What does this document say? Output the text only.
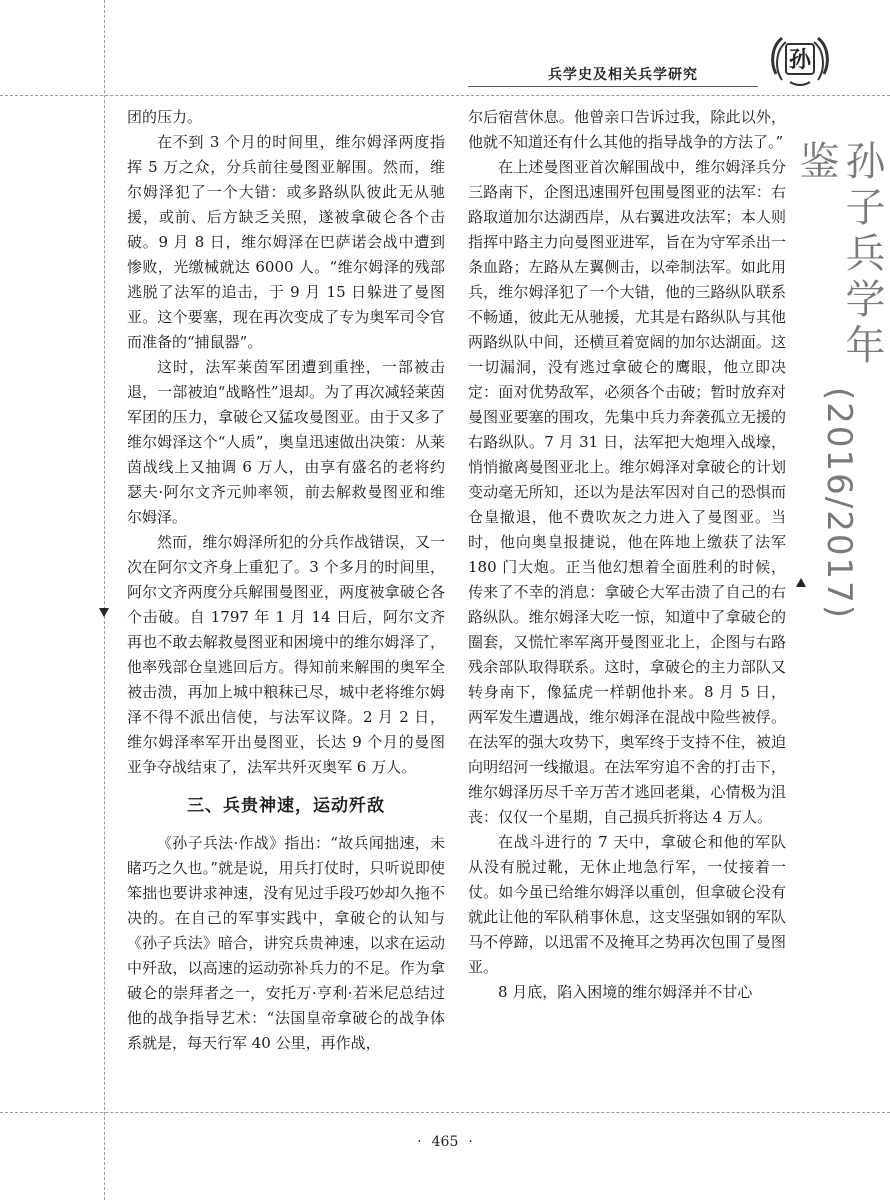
兵学史及相关兵学研究
孙

团的压力。

在不到 3 个月的时间里，维尔姆泽两度指挥 5 万之众，分兵前往曼图亚解围。然而，维尔姆泽犯了一个大错：或多路纵队彼此无从驰援，或前、后方缺乏关照，遂被拿破仑各个击破。9 月 8 日，维尔姆泽在巴萨诺会战中遭到惨败，光缴械就达 6000 人。“维尔姆泽的残部逃脱了法军的追击，于 9 月 15 日躲进了曼图亚。这个要塞，现在再次变成了专为奥军司令官而准备的“捕鼠器”。

这时，法军莱茵军团遭到重挫，一部被击退，一部被迫“战略性”退却。为了再次减轻莱茵军团的压力，拿破仑又猛攻曼图亚。由于又多了维尔姆泽这个“人质”，奥皇迅速做出决策：从莱茵战线上又抽调 6 万人，由享有盛名的老将约瑟夫·阿尔文齐元帅率领，前去解救曼图亚和维尔姆泽。

然而，维尔姆泽所犯的分兵作战错误，又一次在阿尔文齐身上重犯了。3 个多月的时间里，阿尔文齐两度分兵解围曼图亚，两度被拿破仑各个击破。自 1797 年 1 月 14 日后，阿尔文齐再也不敢去解救曼图亚和困境中的维尔姆泽了，他率残部仓皇逃回后方。得知前来解围的奥军全被击溃，再加上城中粮秣已尽，城中老将维尔姆泽不得不派出信使，与法军议降。2 月 2 日，维尔姆泽率军开出曼图亚，长达 9 个月的曼图亚争夺战结束了，法军共歼灭奥军 6 万人。

三、兵贵神速，运动歼敌

《孙子兵法·作战》指出：“故兵闻拙速，未睹巧之久也。”就是说，用兵打仗时，只听说即使笨拙也要讲求神速，没有见过手段巧妙却久拖不决的。在自己的军事实践中，拿破仑的认知与《孙子兵法》暗合，讲究兵贵神速，以求在运动中歼敌，以高速的运动弥补兵力的不足。作为拿破仑的崇拜者之一，安托万·亨利·若米尼总结过他的战争指导艺术：“法国皇帝拿破仑的战争体系就是，每天行军 40 公里，再作战，

尔后宿营休息。他曾亲口告诉过我，除此以外，他就不知道还有什么其他的指导战争的方法了。”

在上述曼图亚首次解围战中，维尔姆泽兵分三路南下，企图迅速围歼包围曼图亚的法军：右路取道加尔达湖西岸，从右翼进攻法军；本人则指挥中路主力向曼图亚进军，旨在为守军杀出一条血路；左路从左翼侧击，以牵制法军。如此用兵，维尔姆泽犯了一个大错，他的三路纵队联系不畅通，彼此无从驰援，尤其是右路纵队与其他两路纵队中间，还横亘着宽阔的加尔达湖面。这一切漏洞，没有逃过拿破仑的鹰眼，他立即决定：面对优势敌军，必须各个击破；暂时放弃对曼图亚要塞的围攻，先集中兵力奔袭孤立无援的右路纵队。7 月 31 日，法军把大炮埋入战壕，悄悄撤离曼图亚北上。维尔姆泽对拿破仑的计划变动毫无所知，还以为是法军因对自己的恐惧而仓皇撤退，他不费吹灰之力进入了曼图亚。当时，他向奥皇报捷说，他在阵地上缴获了法军 180 门大炮。正当他幻想着全面胜利的时候，传来了不幸的消息：拿破仑大军击溃了自己的右路纵队。维尔姆泽大吃一惊，知道中了拿破仑的圈套，又慌忙率军离开曼图亚北上，企图与右路残余部队取得联系。这时，拿破仑的主力部队又转身南下，像猛虎一样朝他扑来。8 月 5 日，两军发生遭遇战，维尔姆泽在混战中险些被俘。在法军的强大攻势下，奥军终于支持不住，被迫向明绍河一线撤退。在法军穷追不舍的打击下，维尔姆泽历尽千辛万苦才逃回老巢，心情极为沮丧：仅仅一个星期，自己损兵折将达 4 万人。

在战斗进行的 7 天中，拿破仑和他的军队从没有脱过靴，无休止地急行军，一仗接着一仗。如今虽已给维尔姆泽以重创，但拿破仑没有就此让他的军队稍事休息，这支坚强如钢的军队马不停蹄，以迅雷不及掩耳之势再次包围了曼图亚。

8 月底，陷入困境的维尔姆泽并不甘心

孙子兵学年鉴
(2016/2017)
· 465 ·
